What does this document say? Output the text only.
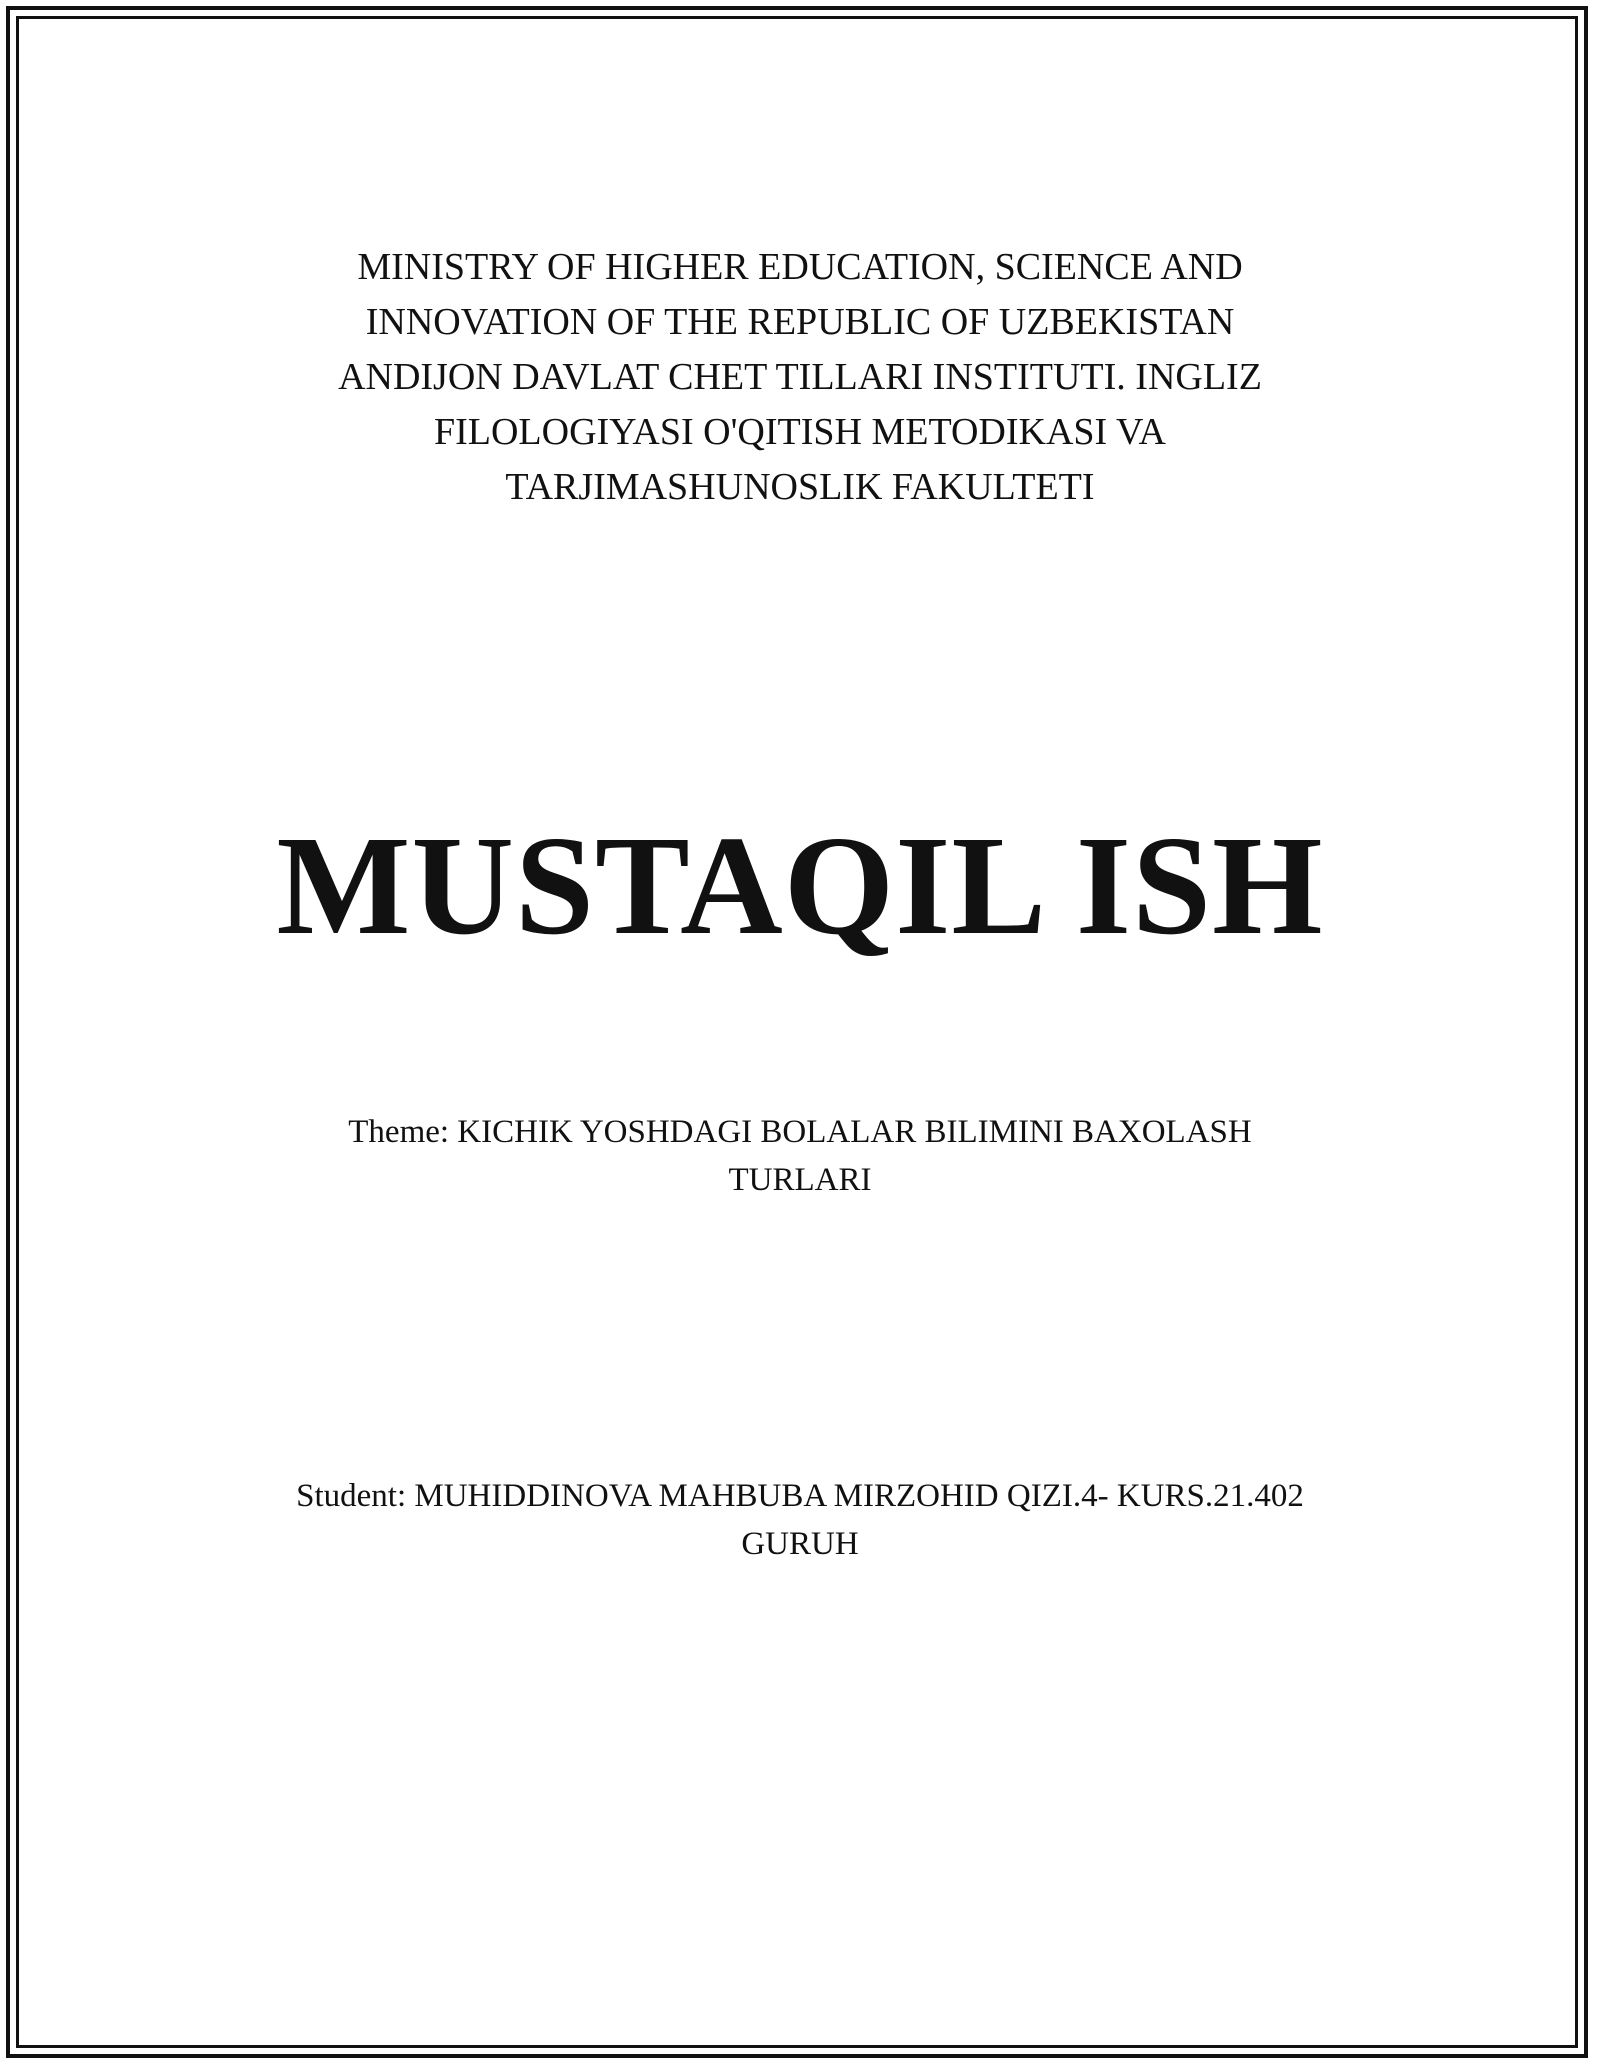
MINISTRY OF HIGHER EDUCATION, SCIENCE AND
INNOVATION OF THE REPUBLIC OF UZBEKISTAN
ANDIJON DAVLAT CHET TILLARI INSTITUTI. INGLIZ
FILOLOGIYASI O'QITISH METODIKASI VA
TARJIMASHUNOSLIK FAKULTETI
MUSTAQIL ISH
Theme: KICHIK YOSHDAGI BOLALAR BILIMINI BAXOLASH
TURLARI
Student: MUHIDDINOVA MAHBUBA MIRZOHID QIZI.4- KURS.21.402
GURUH
